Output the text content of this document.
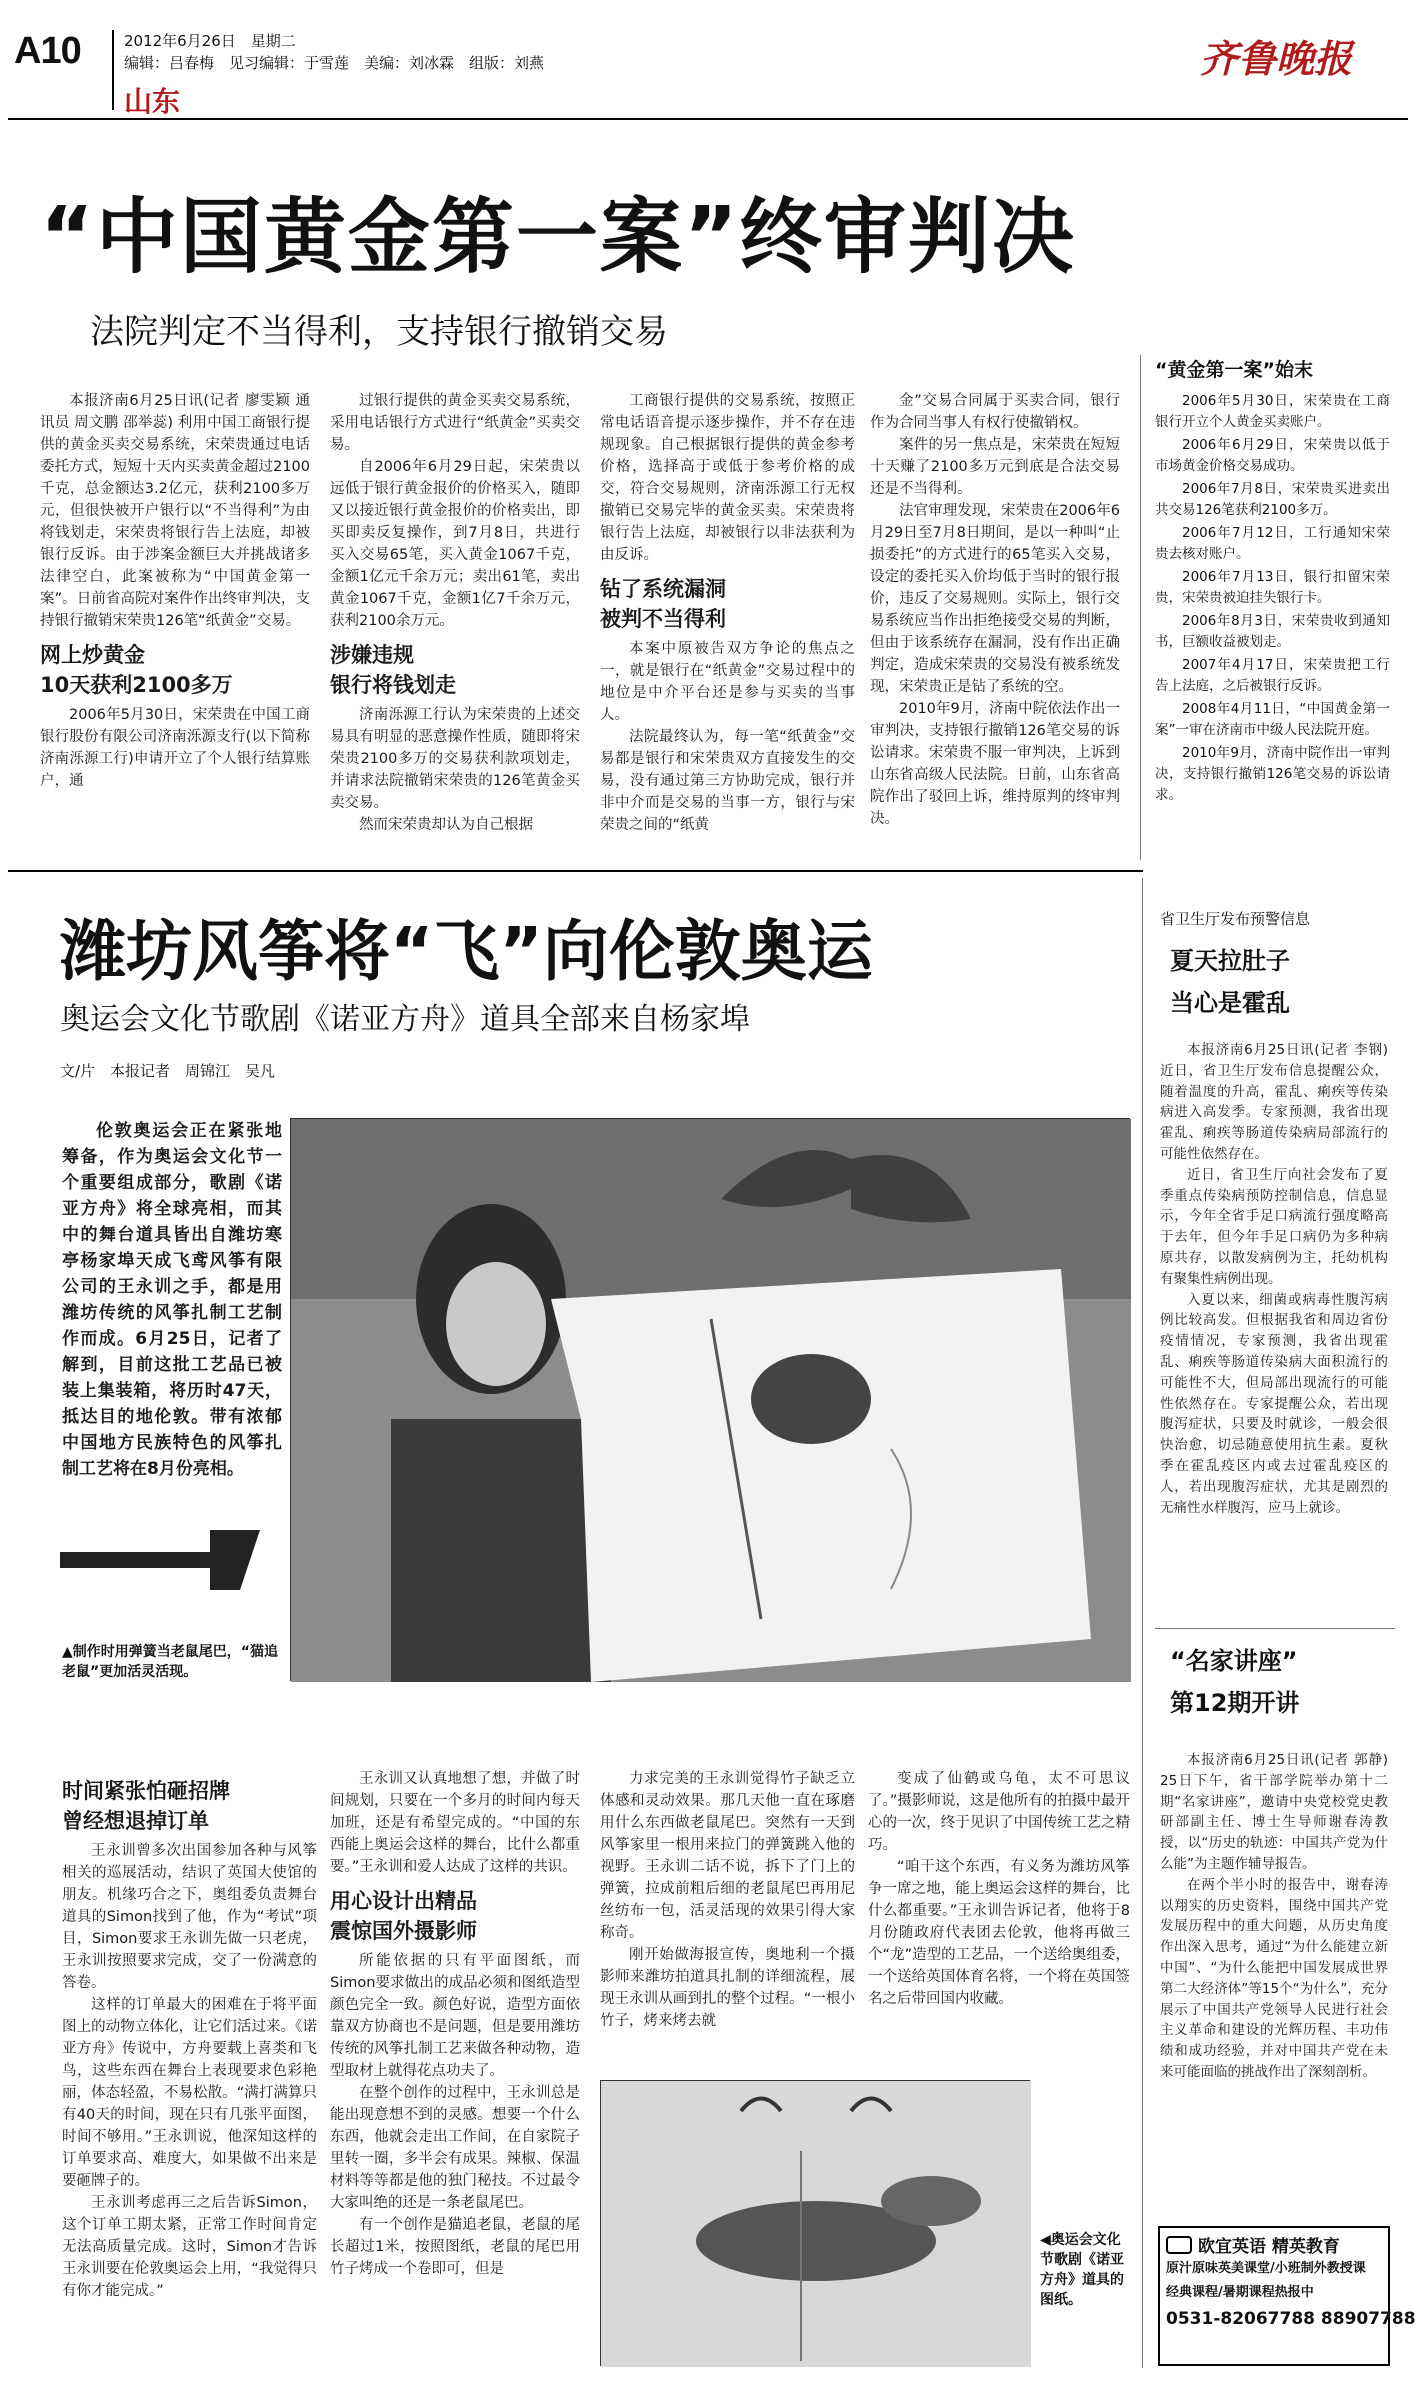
A10	2012年6月26日　星期二
编辑：吕春梅　见习编辑：于雪莲　美编：刘冰霖　组版：刘燕
山东
齐鲁晚报
“中国黄金第一案”终审判决
法院判定不当得利，支持银行撤销交易

本报济南6月25日讯(记者 廖雯颖 通讯员 周文鹏 邵举蕊) 利用中国工商银行提供的黄金买卖交易系统，宋荣贵通过电话委托方式，短短十天内买卖黄金超过2100千克，总金额达3.2亿元，获利2100多万元，但很快被开户银行以“不当得利”为由将钱划走，宋荣贵将银行告上法庭，却被银行反诉。由于涉案金额巨大并挑战诸多法律空白，此案被称为“中国黄金第一案”。日前省高院对案件作出终审判决，支持银行撤销宋荣贵126笔“纸黄金”交易。

网上炒黄金
10天获利2100多万

2006年5月30日，宋荣贵在中国工商银行股份有限公司济南泺源支行(以下简称济南泺源工行)申请开立了个人银行结算账户，通

过银行提供的黄金买卖交易系统，采用电话银行方式进行“纸黄金”买卖交易。

自2006年6月29日起，宋荣贵以远低于银行黄金报价的价格买入，随即又以接近银行黄金报价的价格卖出，即买即卖反复操作，到7月8日，共进行买入交易65笔，买入黄金1067千克，金额1亿元千余万元；卖出61笔，卖出黄金1067千克，金额1亿7千余万元，获利2100余万元。

涉嫌违规
银行将钱划走

济南泺源工行认为宋荣贵的上述交易具有明显的恶意操作性质，随即将宋荣贵2100多万的交易获利款项划走，并请求法院撤销宋荣贵的126笔黄金买卖交易。

然而宋荣贵却认为自己根据

工商银行提供的交易系统，按照正常电话语音提示逐步操作，并不存在违规现象。自己根据银行提供的黄金参考价格，选择高于或低于参考价格的成交，符合交易规则，济南泺源工行无权撤销已交易完毕的黄金买卖。宋荣贵将银行告上法庭，却被银行以非法获利为由反诉。

钻了系统漏洞
被判不当得利

本案中原被告双方争论的焦点之一，就是银行在“纸黄金”交易过程中的地位是中介平台还是参与买卖的当事人。

法院最终认为，每一笔“纸黄金”交易都是银行和宋荣贵双方直接发生的交易，没有通过第三方协助完成，银行并非中介而是交易的当事一方，银行与宋荣贵之间的“纸黄

金”交易合同属于买卖合同，银行作为合同当事人有权行使撤销权。

案件的另一焦点是，宋荣贵在短短十天赚了2100多万元到底是合法交易还是不当得利。

法官审理发现，宋荣贵在2006年6月29日至7月8日期间，是以一种叫“止损委托”的方式进行的65笔买入交易，设定的委托买入价均低于当时的银行报价，违反了交易规则。实际上，银行交易系统应当作出拒绝接受交易的判断，但由于该系统存在漏洞，没有作出正确判定，造成宋荣贵的交易没有被系统发现，宋荣贵正是钻了系统的空。

2010年9月，济南中院依法作出一审判决，支持银行撤销126笔交易的诉讼请求。宋荣贵不服一审判决，上诉到山东省高级人民法院。日前，山东省高院作出了驳回上诉，维持原判的终审判决。

“黄金第一案”始末

2006年5月30日，宋荣贵在工商银行开立个人黄金买卖账户。

2006年6月29日，宋荣贵以低于市场黄金价格交易成功。

2006年7月8日，宋荣贵买进卖出共交易126笔获利2100多万。

2006年7月12日，工行通知宋荣贵去核对账户。

2006年7月13日，银行扣留宋荣贵，宋荣贵被迫挂失银行卡。

2006年8月3日，宋荣贵收到通知书，巨额收益被划走。

2007年4月17日，宋荣贵把工行告上法庭，之后被银行反诉。

2008年4月11日，“中国黄金第一案”一审在济南市中级人民法院开庭。

2010年9月，济南中院作出一审判决，支持银行撤销126笔交易的诉讼请求。

潍坊风筝将“飞”向伦敦奥运
奥运会文化节歌剧《诺亚方舟》道具全部来自杨家埠
文/片　本报记者　周锦江　吴凡

伦敦奥运会正在紧张地筹备，作为奥运会文化节一个重要组成部分，歌剧《诺亚方舟》将全球亮相，而其中的舞台道具皆出自潍坊寒亭杨家埠天成飞鸢风筝有限公司的王永训之手，都是用潍坊传统的风筝扎制工艺制作而成。6月25日，记者了解到，目前这批工艺品已被装上集装箱，将历时47天，抵达目的地伦敦。带有浓郁中国地方民族特色的风筝扎制工艺将在8月份亮相。

▲制作时用弹簧当老鼠尾巴，“猫追老鼠”更加活灵活现。

时间紧张怕砸招牌
曾经想退掉订单

王永训曾多次出国参加各种与风筝相关的巡展活动，结识了英国大使馆的朋友。机缘巧合之下，奥组委负责舞台道具的Simon找到了他，作为“考试”项目，Simon要求王永训先做一只老虎，王永训按照要求完成，交了一份满意的答卷。

这样的订单最大的困难在于将平面图上的动物立体化，让它们活过来。《诺亚方舟》传说中，方舟要载上喜类和飞鸟，这些东西在舞台上表现要求色彩艳丽，体态轻盈，不易松散。“满打满算只有40天的时间，现在只有几张平面图，时间不够用。”王永训说，他深知这样的订单要求高、难度大，如果做不出来是要砸牌子的。

王永训考虑再三之后告诉Simon，这个订单工期太紧，正常工作时间肯定无法高质量完成。这时，Simon才告诉王永训要在伦敦奥运会上用，“我觉得只有你才能完成。”

王永训又认真地想了想，并做了时间规划，只要在一个多月的时间内每天加班，还是有希望完成的。“中国的东西能上奥运会这样的舞台，比什么都重要。”王永训和爱人达成了这样的共识。

用心设计出精品
震惊国外摄影师

所能依据的只有平面图纸，而Simon要求做出的成品必须和图纸造型颜色完全一致。颜色好说，造型方面依靠双方协商也不是问题，但是要用潍坊传统的风筝扎制工艺来做各种动物，造型取材上就得花点功夫了。

在整个创作的过程中，王永训总是能出现意想不到的灵感。想要一个什么东西，他就会走出工作间，在自家院子里转一圈，多半会有成果。辣椒、保温材料等等都是他的独门秘技。不过最令大家叫绝的还是一条老鼠尾巴。

有一个创作是猫追老鼠，老鼠的尾长超过1米，按照图纸，老鼠的尾巴用竹子烤成一个卷即可，但是

力求完美的王永训觉得竹子缺乏立体感和灵动效果。那几天他一直在琢磨用什么东西做老鼠尾巴。突然有一天到风筝家里一根用来拉门的弹簧跳入他的视野。王永训二话不说，拆下了门上的弹簧，拉成前粗后细的老鼠尾巴再用尼丝纺布一包，活灵活现的效果引得大家称奇。

刚开始做海报宣传，奥地利一个摄影师来潍坊拍道具扎制的详细流程，展现王永训从画到扎的整个过程。“一根小竹子，烤来烤去就

变成了仙鹤或乌龟，太不可思议了。”摄影师说，这是他所有的拍摄中最开心的一次，终于见识了中国传统工艺之精巧。

“咱干这个东西，有义务为潍坊风筝争一席之地，能上奥运会这样的舞台，比什么都重要。”王永训告诉记者，他将于8月份随政府代表团去伦敦，他将再做三个“龙”造型的工艺品，一个送给奥组委，一个送给英国体育名将，一个将在英国签名之后带回国内收藏。

◀奥运会文化节歌剧《诺亚方舟》道具的图纸。
省卫生厅发布预警信息
夏天拉肚子
当心是霍乱

本报济南6月25日讯(记者 李钢) 近日，省卫生厅发布信息提醒公众，随着温度的升高，霍乱、痢疾等传染病进入高发季。专家预测，我省出现霍乱、痢疾等肠道传染病局部流行的可能性依然存在。

近日，省卫生厅向社会发布了夏季重点传染病预防控制信息，信息显示，今年全省手足口病流行强度略高于去年，但今年手足口病仍为多种病原共存，以散发病例为主，托幼机构有聚集性病例出现。

入夏以来，细菌或病毒性腹泻病例比较高发。但根据我省和周边省份疫情情况，专家预测，我省出现霍乱、痢疾等肠道传染病大面积流行的可能性不大，但局部出现流行的可能性依然存在。专家提醒公众，若出现腹泻症状，只要及时就诊，一般会很快治愈，切忌随意使用抗生素。夏秋季在霍乱疫区内或去过霍乱疫区的人，若出现腹泻症状，尤其是剧烈的无痛性水样腹泻，应马上就诊。

“名家讲座”
第12期开讲

本报济南6月25日讯(记者 郭静) 25日下午，省干部学院举办第十二期“名家讲座”，邀请中央党校党史教研部副主任、博士生导师谢春涛教授，以“历史的轨迹：中国共产党为什么能”为主题作辅导报告。

在两个半小时的报告中，谢春涛以翔实的历史资料，围绕中国共产党发展历程中的重大问题，从历史角度作出深入思考，通过“为什么能建立新中国”、“为什么能把中国发展成世界第二大经济体”等15个“为什么”，充分展示了中国共产党领导人民进行社会主义革命和建设的光辉历程、丰功伟绩和成功经验，并对中国共产党在未来可能面临的挑战作出了深刻剖析。

欧宜英语 精英教育
原汁原味英美课堂/小班制外教授课
经典课程/暑期课程热报中
0531-82067788 88907788
